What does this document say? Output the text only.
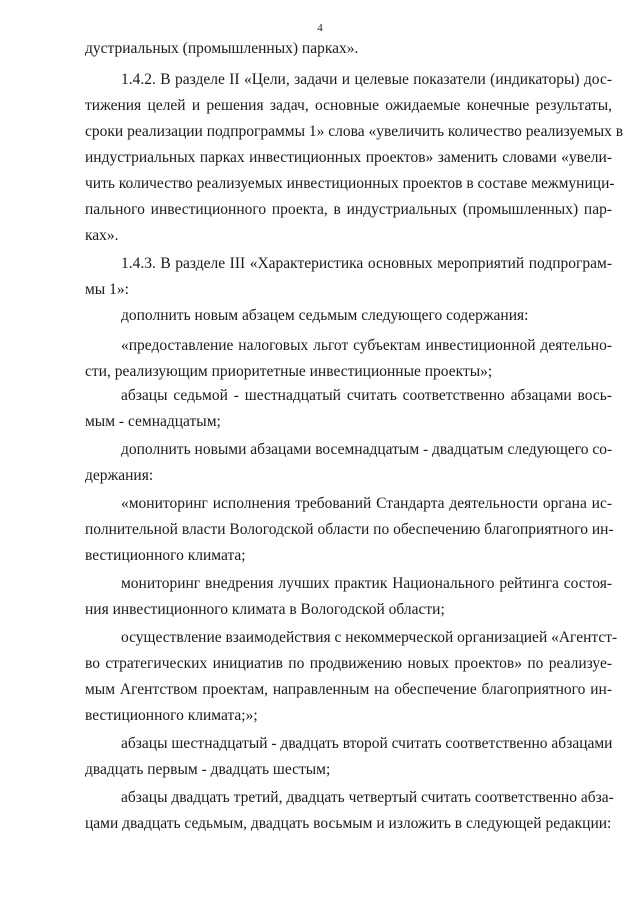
4
дустриальных (промышленных) парках».
1.4.2. В разделе II «Цели, задачи и целевые показатели (индикаторы) дос-
тижения целей и решения задач, основные ожидаемые конечные результаты,
сроки реализации подпрограммы 1» слова «увеличить количество реализуемых в
индустриальных парках инвестиционных проектов» заменить словами «увели-
чить количество реализуемых инвестиционных проектов в составе межмуници-
пального инвестиционного проекта, в индустриальных (промышленных) пар-
ках».
1.4.3. В разделе III «Характеристика основных мероприятий подпрограм-
мы 1»:
дополнить новым абзацем седьмым следующего содержания:
«предоставление налоговых льгот субъектам инвестиционной деятельно-
сти, реализующим приоритетные инвестиционные проекты»;
абзацы седьмой - шестнадцатый считать соответственно абзацами вось-
мым - семнадцатым;
дополнить новыми абзацами восемнадцатым - двадцатым следующего со-
держания:
«мониторинг исполнения требований Стандарта деятельности органа ис-
полнительной власти Вологодской области по обеспечению благоприятного ин-
вестиционного климата;
мониторинг внедрения лучших практик Национального рейтинга состоя-
ния инвестиционного климата в Вологодской области;
осуществление взаимодействия с некоммерческой организацией «Агентст-
во стратегических инициатив по продвижению новых проектов» по реализуе-
мым Агентством проектам, направленным на обеспечение благоприятного ин-
вестиционного климата;»;
абзацы шестнадцатый - двадцать второй считать соответственно абзацами
двадцать первым - двадцать шестым;
абзацы двадцать третий, двадцать четвертый считать соответственно абза-
цами двадцать седьмым, двадцать восьмым и изложить в следующей редакции:
